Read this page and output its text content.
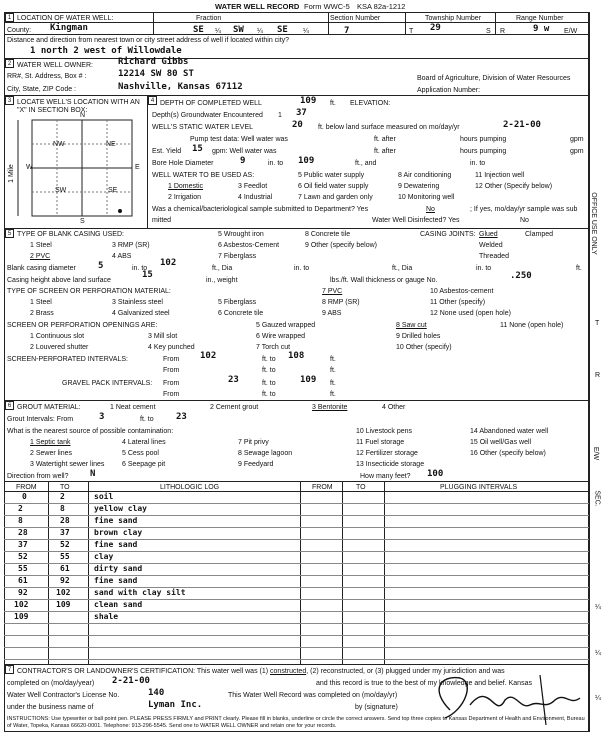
WATER WELL RECORD Form WWC-5 KSA 82a-1212
1 LOCATION OF WATER WELL:	Fraction	Section Number	Township Number	Range Number
County: Kingman	SE ¼ SW ¼ SE ¼	7	T 29	S R	9 w E/W
Distance and direction from nearest town or city street address of well if located within city?
1 north 2 west of Willowdale
2 WATER WELL OWNER:	Richard Gibbs
RR#, St. Address, Box # :	12214 SW 80 ST	Board of Agriculture, Division of Water Resources
City, State, ZIP Code :	Nashville, Kansas 67112	Application Number:
3 LOCATE WELL'S LOCATION WITH AN "X" IN SECTION BOX:
4
N
S
W	E
NW	NE
SW	SE
1 Mile
DEPTH OF COMPLETED WELL	109 ft. ELEVATION:
Depth(s) Groundwater Encountered 1 37
WELL'S STATIC WATER LEVEL	20 ft. below land surface measured on mo/day/yr	2-21-00
Pump test data: Well water was	ft. after	hours pumping	gpm
Est. Yield 15 gpm: Well water was	ft. after	hours pumping	gpm
Bore Hole Diameter	9	in. to 109	ft., and	in. to
WELL WATER TO BE USED AS:
1 Domestic
2 Irrigation
3 Feedlot
4 Industrial
5 Public water supply
6 Oil field water supply
7 Lawn and garden only
8 Air conditioning
9 Dewatering
10 Monitoring well
11 Injection well
12 Other (Specify below)
Was a chemical/bacteriological sample submitted to Department? Yes	No	; If yes, mo/day/yr sample was sub
mitted	Water Well Disinfected? Yes	No
5 TYPE OF BLANK CASING USED:
1 Steel
2 PVC
3 RMP (SR)
4 ABS
5 Wrought iron
6 Asbestos-Cement
7 Fiberglass
8 Concrete tile
9 Other (specify below)
CASING JOINTS: Glued	Clamped
Welded
Threaded
Blank casing diameter 5	in. to
102
ft., Dia	in. to	ft., Dia	in. to	ft.
Casing height above land surface
15
in., weight	lbs./ft. Wall thickness or gauge No.	.250
TYPE OF SCREEN OR PERFORATION MATERIAL:
1 Steel
2 Brass
3 Stainless steel
4 Galvanized steel
5 Fiberglass
6 Concrete tile
7 PVC
8 RMP (SR)
9 ABS
10 Asbestos-cement
11 Other (specify)
12 None used (open hole)
SCREEN OR PERFORATION OPENINGS ARE:
1 Continuous slot
2 Louvered shutter
3 Mill slot
4 Key punched
5 Gauzed wrapped
6 Wire wrapped
7 Torch cut
8 Saw cut
9 Drilled holes
10 Other (specify)
11 None (open hole)
SCREEN-PERFORATED INTERVALS:	From 102	ft. to 108	ft.
From	ft. to	ft.
GRAVEL PACK INTERVALS: From	23	ft. to	109 ft.
From	ft. to	ft.
6 GROUT MATERIAL:	1 Neat cement	2 Cement grout	3 Bentonite	4 Other
Grout Intervals: From	3	ft. to 23
What is the nearest source of possible contamination:
1 Septic tank
2 Sewer lines
3 Watertight sewer lines
4 Lateral lines
5 Cess pool
6 Seepage pit
7 Pit privy
8 Sewage lagoon
9 Feedyard
10 Livestock pens
11 Fuel storage
12 Fertilizer storage
13 Insecticide storage
14 Abandoned water well
15 Oil well/Gas well
16 Other (specify below)
Direction from well? N	How many feet? 100
FROM	TO	LITHOLOGIC LOG	FROM	TO	PLUGGING INTERVALS
0	2	soil
2	8	yellow clay
8	28	fine sand
28	37	brown clay
37	52	fine sand
52	55	clay
55	61	dirty sand
61	92	fine sand
92	102	sand with clay silt
102	109	clean sand
109	shale
7 CONTRACTOR'S OR LANDOWNER'S CERTIFICATION: This water well was (1) constructed, (2) reconstructed, or (3) plugged under my jurisdiction and was
completed on (mo/day/year) 2-21-00	and this record is true to the best of my knowledge and belief. Kansas
Water Well Contractor's License No.	140	This Water Well Record was completed on (mo/day/yr)
under the business name of	Lyman Inc.	by (signature)
INSTRUCTIONS: Use typewriter or ball point pen. PLEASE PRESS FIRMLY and PRINT clearly. Please fill in blanks, underline or circle the correct answers. Send top three copies to Kansas Department of Health and Environment, Bureau of Water, Topeka, Kansas 66620-0001. Telephone: 913-296-5545. Send one to WATER WELL OWNER and retain one for your records.
OFFICE USE ONLY
T
R
E/W
SEC.
¼
¼
¼
